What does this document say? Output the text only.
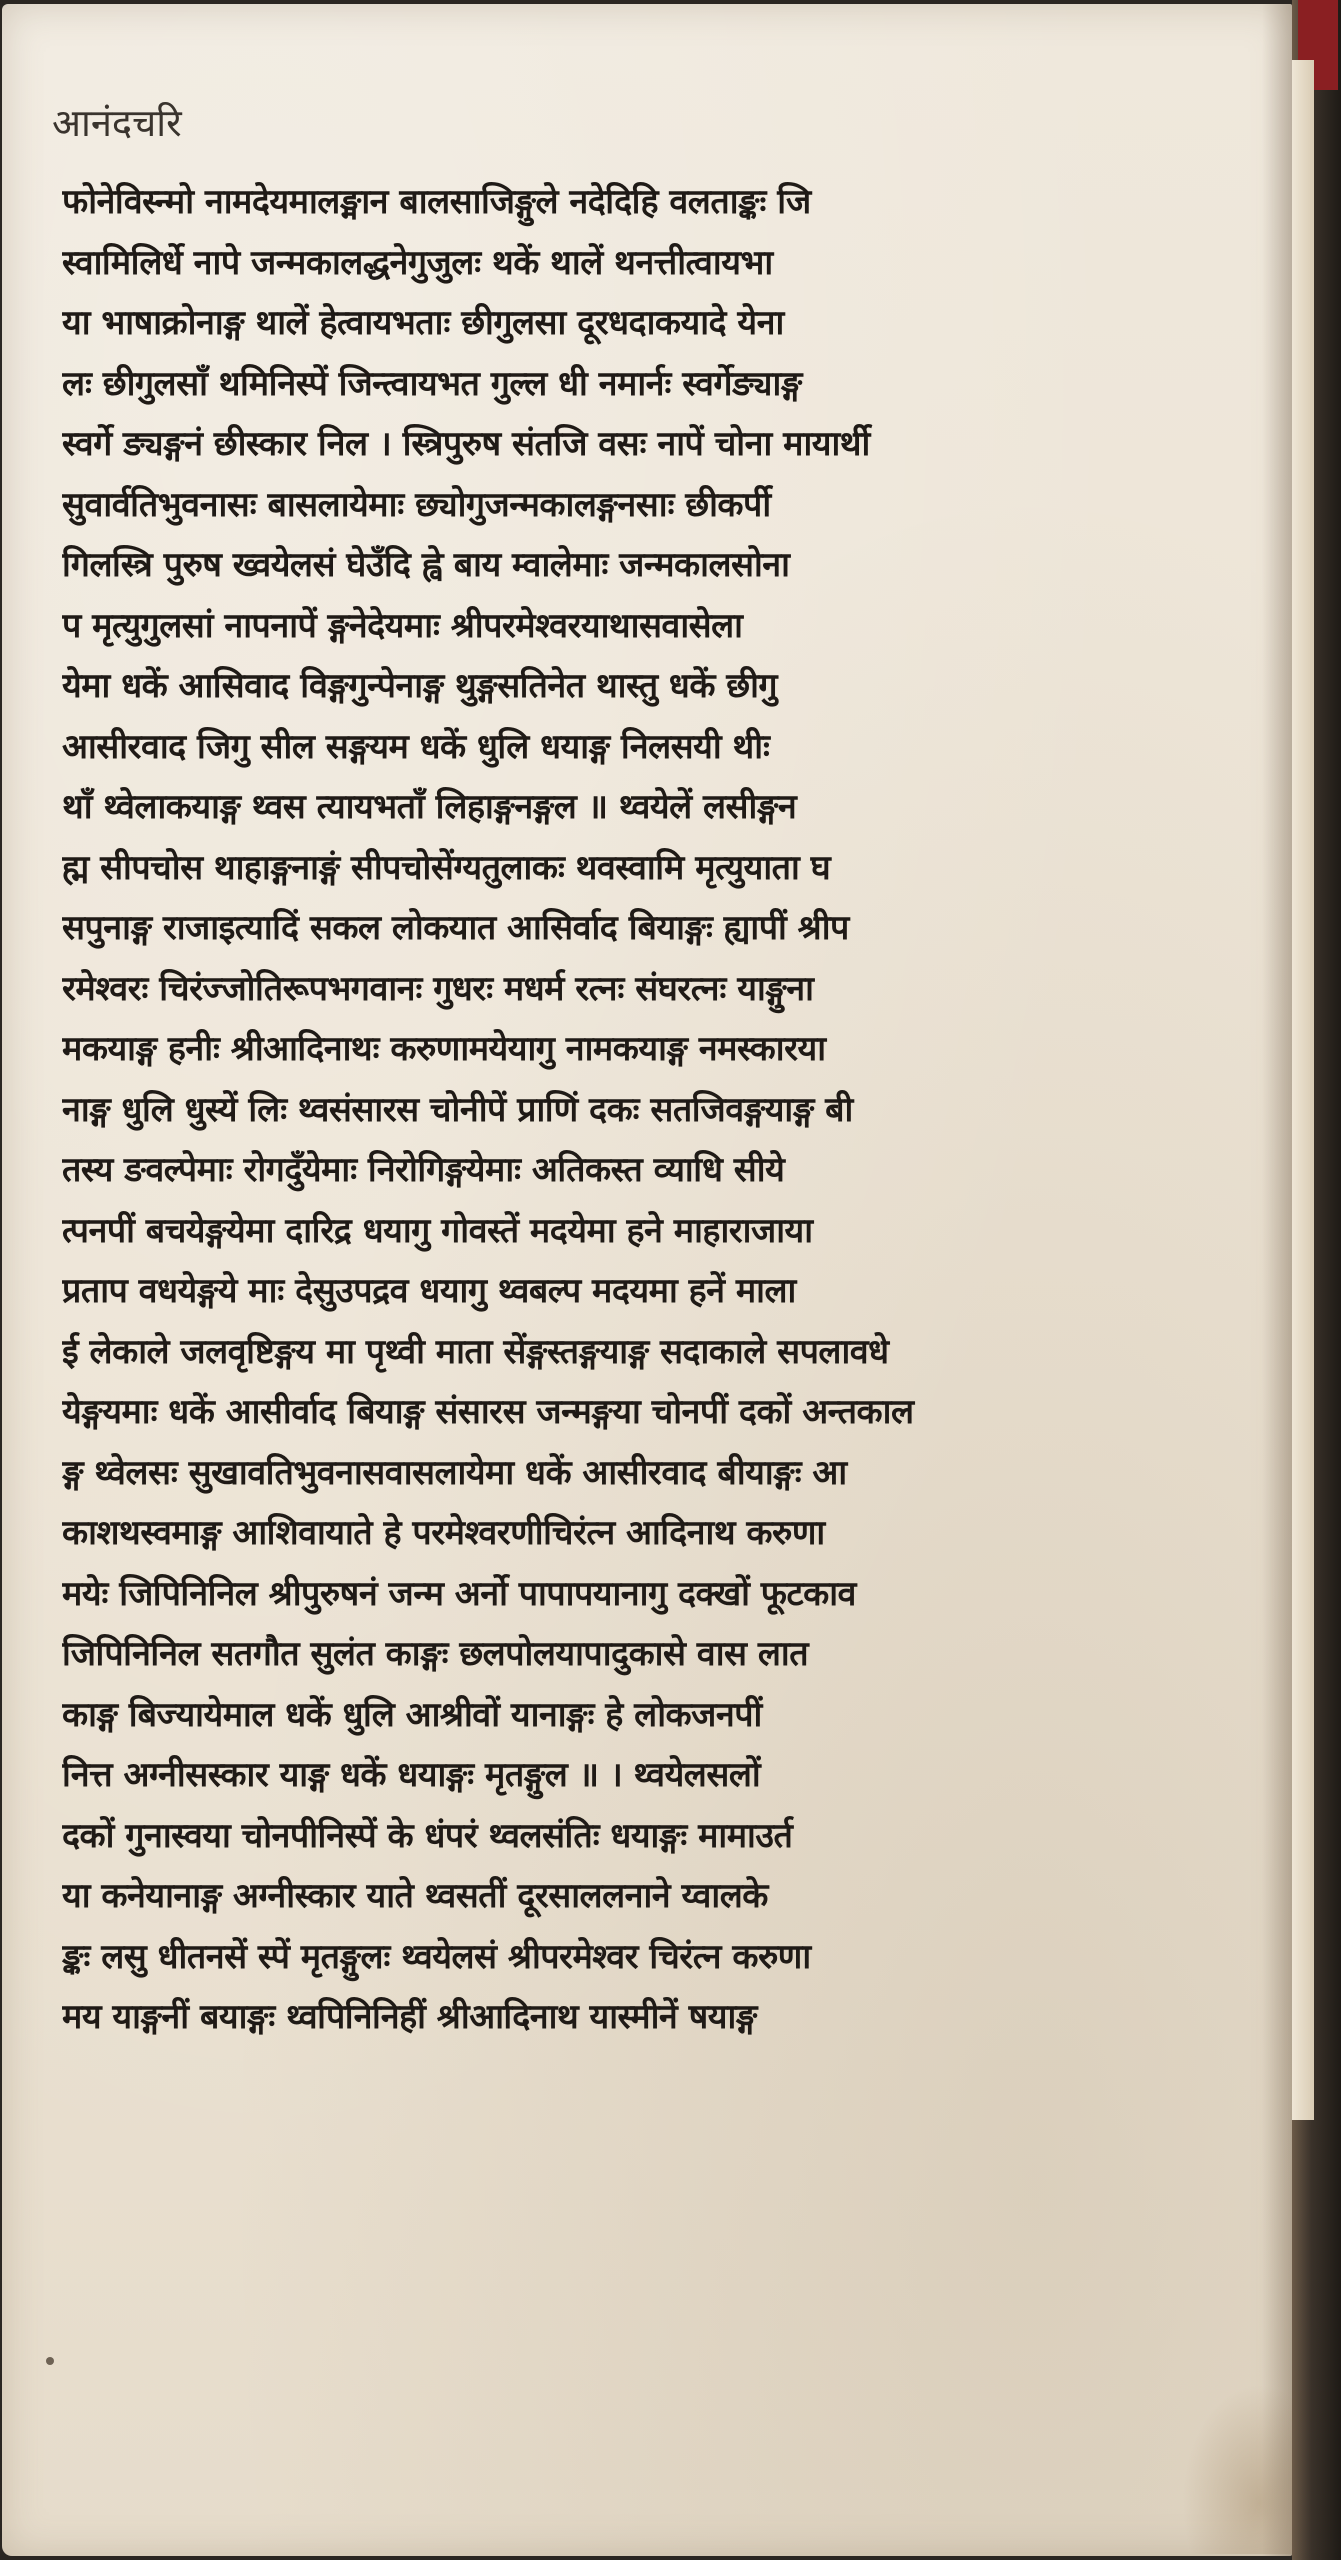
आनंदचरि
फोनेविस्न्मो नामदेयमालङ्मान बालसाजिङ्गुले नदेदिहि वलताङ्कः जि
स्वामिलिर्धे नापे जन्मकालद्धनेगुजुलः थकें थालें थनत्तीत्वायभा
या भाषाक्रोन‍ाङ्ग थालें हेत्वायभताः छीगुलसा दूरधदाकयादे येना
लः छीगुलसाँ थमिनिस्पें जिन्त्वायभत गुल्ल धी नमार्नः स्वर्गेङ्याङ्ग
स्वर्गे ङ्यङ्गनं छीस्कार निल । स्त्रिपुरुष संतजि वसः नापें चोना मायार्थी
सुवार्वतिभुवनासः बासलायेमाः छ्योगुजन्मकालङ्गनसाः छीकर्पी
गिलस्त्रि पुरुष ख्वयेलसं घेउँदि ह्वे बाय म्वालेमाः जन्मकालसोना
प मृत्युगुलसां नापनापें ङ्गनेदेयमाः श्रीपरमेश्वरयाथासवासेला
येमा धकें आसिवाद विङ्गगुन्पेनाङ्ग थुङ्गसतिनेत थास्तु धकें छीगु
आसीरवाद जिगु सील सङ्गयम धकें धुलि धयाङ्ग निलसयी थीः
थाँ थ्वेलाकयाङ्ग थ्वस त्यायभताँ लिहाङ्गनङ्गल ॥ थ्वयेलें लसीङ्गन
ह्म सीपचोस थाहाङ्गनाङ्गं सीपचोसेंग्यतुलाकः थवस्वामि मृत्युयाता घ
सपुनाङ्ग राजाइत्यादिं सकल लोकयात आसिर्वाद बियाङ्गः ह्यापीं श्रीप
रमेश्वरः चिरंज्जोतिरूपभगवानः गुधरः मधर्म रत्नः संघरत्नः याङ्गुना
मकयाङ्ग हनीः श्रीआदिनाथः करुणामयेयागु नामकयाङ्ग नमस्कारया
नाङ्ग धुलि धुस्यें लिः थ्वसंसारस चोनीपें प्राणिं दकः सतजिवङ्गयाङ्ग बी
तस्य ङवल्पेमाः रोगदुँयेमाः निरोगिङ्गयेमाः अतिकस्त व्याधि सीये
त्पनपीं बचयेङ्गयेमा दारिद्र धयागु गोवस्तें मदयेमा हने माहाराजाया
प्रताप वधयेङ्गये माः देसुउपद्रव धयागु थ्वबल्प मदयमा हनें माला
ई लेकाले जलवृष्टिङ्गय मा पृथ्वी माता सेंङ्गस्तङ्गयाङ्ग सदाकाले सपलावधे
येङ्गयमाः धकें आसीर्वाद बियाङ्ग संसारस जन्मङ्गया चोनपीं दकों अन्तकाल
ङ्ग थ्वेलसः सुखावतिभुवनासवासलायेमा धकें आसीरवाद बीयाङ्गः आ
काशथस्वमाङ्ग आशिवायाते हे परमेश्वरणीचिरंत्न आदिनाथ करुणा
मयेः जिपिनिनिल श्रीपुरुषनं जन्म अर्नो पापापयानागु दक्खों फूटकाव
जिपिनिनिल सतगौत सुलंत काङ्गः छलपोलयापादुकासे वास लात
काङ्ग बिज्यायेमाल धकें धुलि आश्रीवों यानाङ्गः हे लोकजनपीं
नित्त अग्नीसस्कार याङ्ग धकें धयाङ्गः मृतङ्गुल ॥ । थ्वयेलसलों
दकों गुनास्वया चोनपीनिस्पें के धंपरं थ्वलसंतिः धयाङ्गः मामाउर्त
या कनेयानाङ्ग अग्नीस्कार याते थ्वसतीं दूरसाललनाने य्वालके
ङ्कः लसु धीतनसें स्पें मृतङ्गुलः थ्वयेलसं श्रीपरमेश्वर चिरंत्न करुणा
मय याङ्गनीं बयाङ्गः थ्वपिनिनिहीं श्रीआदिनाथ यास्मीनें षयाङ्ग
